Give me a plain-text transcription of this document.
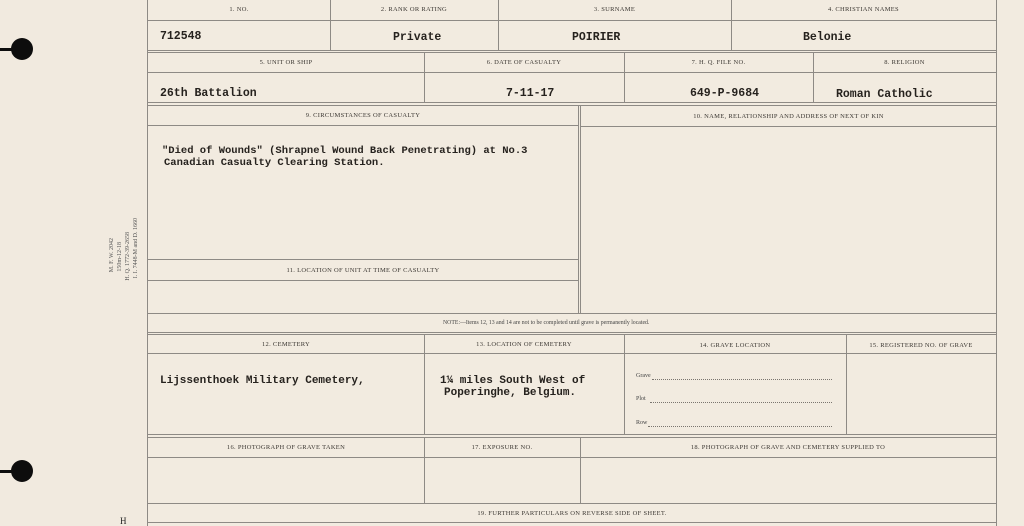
M. F. W. 2042 150m-12-18 H. Q. 1772-39-2658 I. I. 7448-M and D. 1660
1. NO.	2. RANK OR RATING	3. SURNAME	4. CHRISTIAN NAMES
712548	Private	POIRIER	Belonie
5. UNIT OR SHIP	6. DATE OF CASUALTY	7. H. Q. FILE NO.	8. RELIGION
26th Battalion	7-11-17	649-P-9684	Roman Catholic
9. CIRCUMSTANCES OF CASUALTY	10. NAME, RELATIONSHIP AND ADDRESS OF NEXT OF KIN
"Died of Wounds" (Shrapnel Wound Back Penetrating) at No.3
Canadian Casualty Clearing Station.
11. LOCATION OF UNIT AT TIME OF CASUALTY
NOTE:—Items 12, 13 and 14 are not to be completed until grave is permanently located.
12. CEMETERY	13. LOCATION OF CEMETERY	14. GRAVE LOCATION	15. REGISTERED NO. OF GRAVE
Lijssenthoek Military Cemetery,	1¼ miles South West of
Poperinghe, Belgium.
Grave
Plot
Row
16. PHOTOGRAPH OF GRAVE TAKEN	17. EXPOSURE NO.	18. PHOTOGRAPH OF GRAVE AND CEMETERY SUPPLIED TO
19. FURTHER PARTICULARS ON REVERSE SIDE OF SHEET.
H
